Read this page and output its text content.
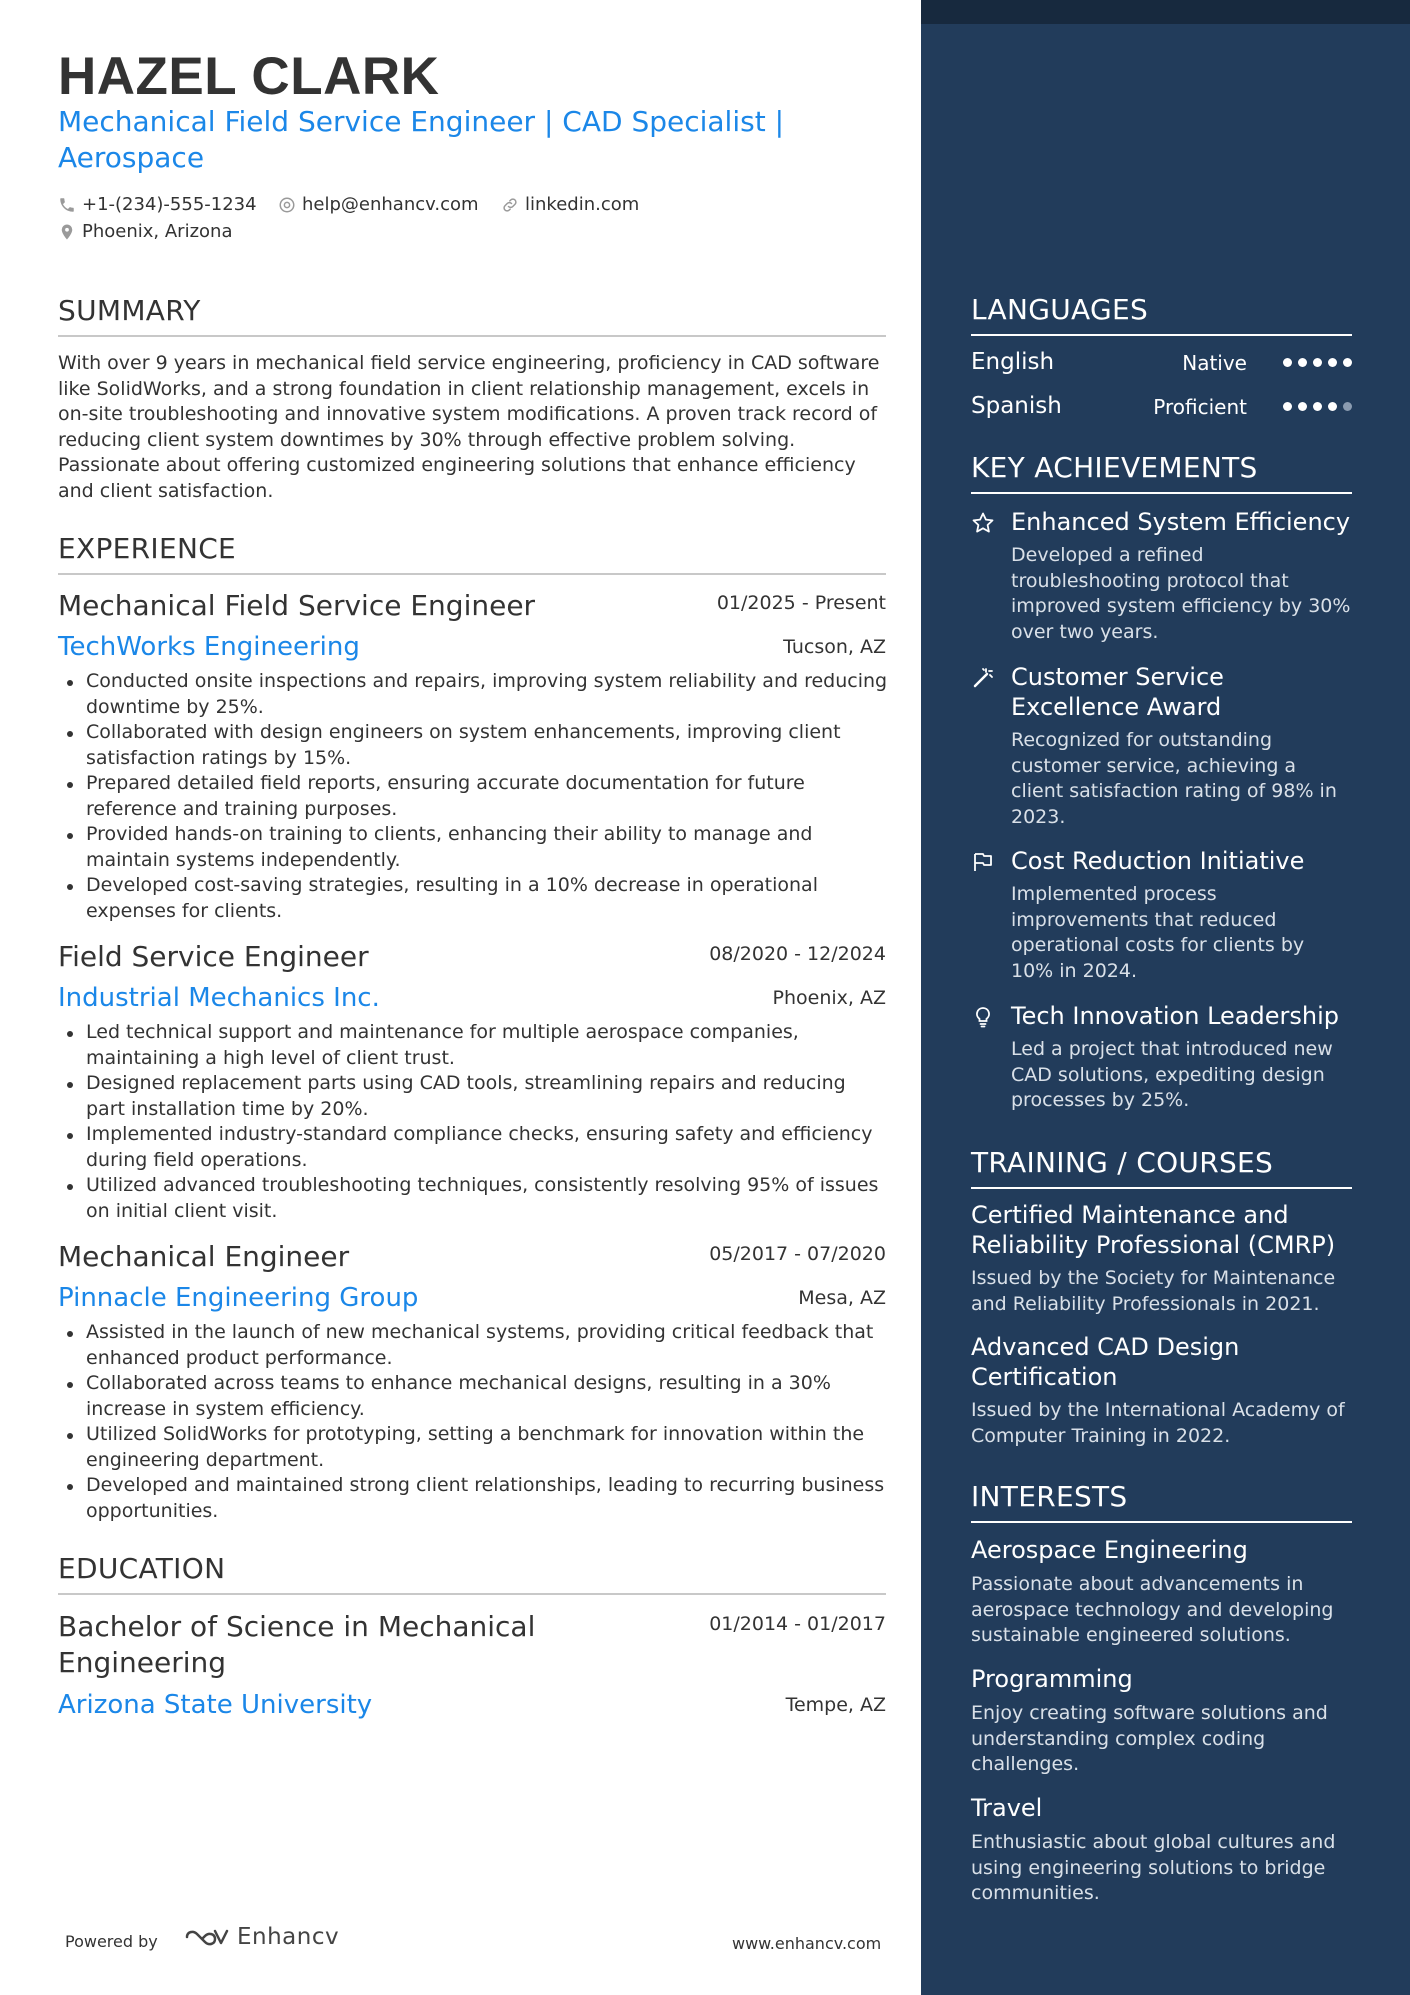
HAZEL CLARK
Mechanical Field Service Engineer | CAD Specialist | Aerospace
+1-(234)-555-1234	help@enhancv.com	linkedin.com
Phoenix, Arizona
SUMMARY
With over 9 years in mechanical field service engineering, proficiency in CAD software like SolidWorks, and a strong foundation in client relationship management, excels in on-site troubleshooting and innovative system modifications. A proven track record of reducing client system downtimes by 30% through effective problem solving. Passionate about offering customized engineering solutions that enhance efficiency and client satisfaction.
EXPERIENCE
Mechanical Field Service Engineer	01/2025 - Present
TechWorks Engineering	Tucson, AZ
Conducted onsite inspections and repairs, improving system reliability and reducing downtime by 25%.
Collaborated with design engineers on system enhancements, improving client satisfaction ratings by 15%.
Prepared detailed field reports, ensuring accurate documentation for future reference and training purposes.
Provided hands-on training to clients, enhancing their ability to manage and maintain systems independently.
Developed cost-saving strategies, resulting in a 10% decrease in operational expenses for clients.
Field Service Engineer	08/2020 - 12/2024
Industrial Mechanics Inc.	Phoenix, AZ
Led technical support and maintenance for multiple aerospace companies, maintaining a high level of client trust.
Designed replacement parts using CAD tools, streamlining repairs and reducing part installation time by 20%.
Implemented industry-standard compliance checks, ensuring safety and efficiency during field operations.
Utilized advanced troubleshooting techniques, consistently resolving 95% of issues on initial client visit.
Mechanical Engineer	05/2017 - 07/2020
Pinnacle Engineering Group	Mesa, AZ
Assisted in the launch of new mechanical systems, providing critical feedback that enhanced product performance.
Collaborated across teams to enhance mechanical designs, resulting in a 30% increase in system efficiency.
Utilized SolidWorks for prototyping, setting a benchmark for innovation within the engineering department.
Developed and maintained strong client relationships, leading to recurring business opportunities.
EDUCATION
Bachelor of Science in Mechanical Engineering
01/2014 - 01/2017
Arizona State University	Tempe, AZ
Powered by	Enhancv	www.enhancv.com
LANGUAGES
English	Native
Spanish	Proficient
KEY ACHIEVEMENTS
Enhanced System Efficiency
Developed a refined troubleshooting protocol that improved system efficiency by 30% over two years.
Customer Service Excellence Award
Recognized for outstanding customer service, achieving a client satisfaction rating of 98% in 2023.
Cost Reduction Initiative
Implemented process improvements that reduced operational costs for clients by 10% in 2024.
Tech Innovation Leadership
Led a project that introduced new CAD solutions, expediting design processes by 25%.
TRAINING / COURSES
Certified Maintenance and Reliability Professional (CMRP)
Issued by the Society for Maintenance and Reliability Professionals in 2021.
Advanced CAD Design Certification
Issued by the International Academy of Computer Training in 2022.
INTERESTS
Aerospace Engineering
Passionate about advancements in aerospace technology and developing sustainable engineered solutions.
Programming
Enjoy creating software solutions and understanding complex coding challenges.
Travel
Enthusiastic about global cultures and using engineering solutions to bridge communities.
